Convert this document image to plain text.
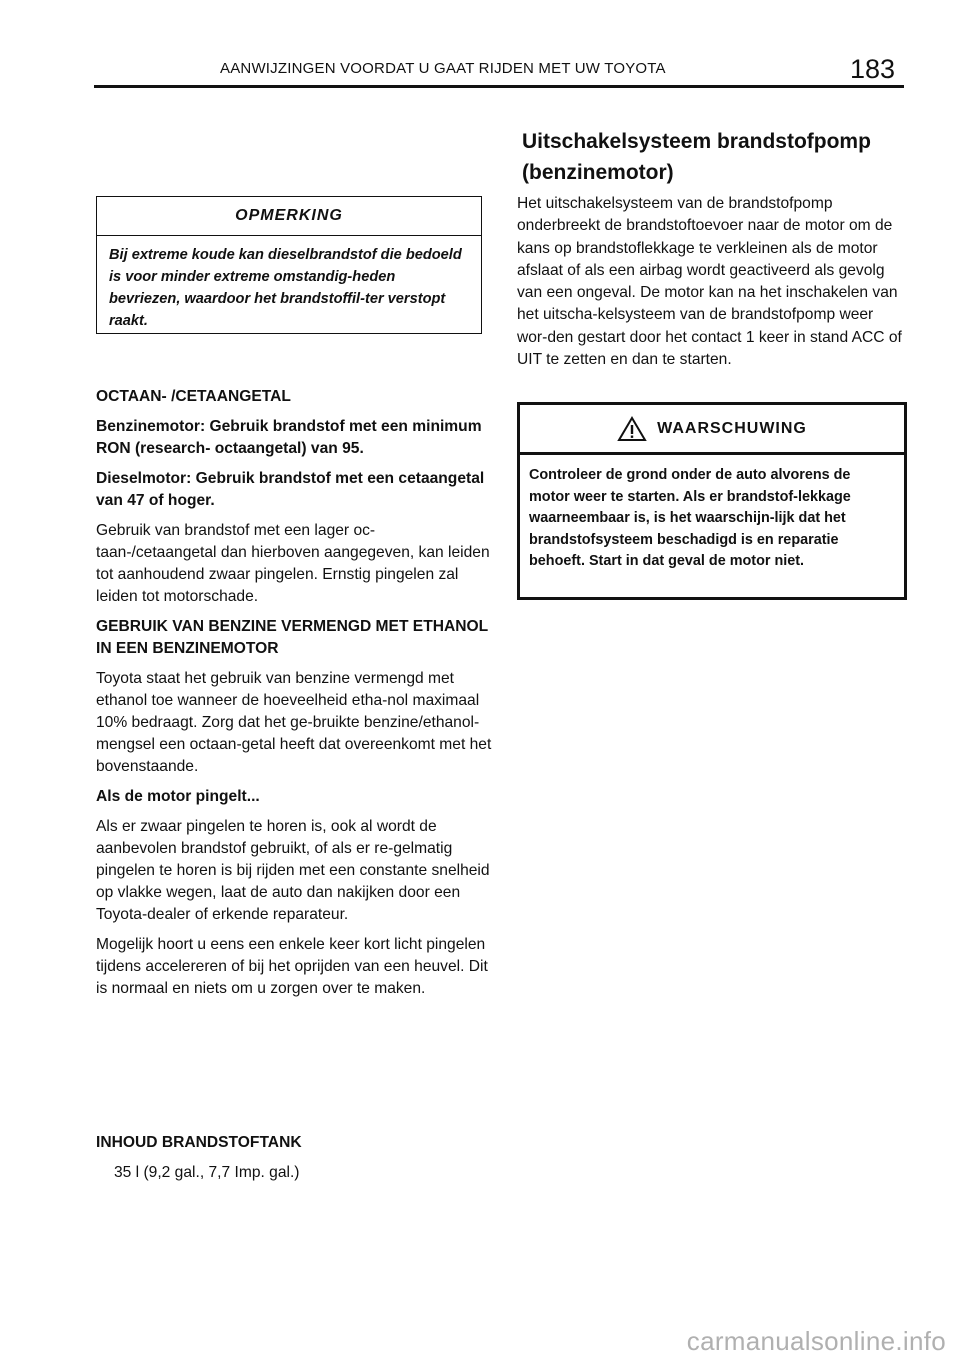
AANWIJZINGEN VOORDAT U GAAT RIJDEN MET UW TOYOTA	183
OPMERKING
Bij extreme koude kan dieselbrandstof die bedoeld is voor minder extreme omstandig-heden bevriezen, waardoor het brandstoffil-ter verstopt raakt.
OCTAAN- /CETAANGETAL
Benzinemotor: Gebruik brandstof met een minimum RON (research- octaangetal) van 95.
Dieselmotor: Gebruik brandstof met een cetaangetal van 47 of hoger.
Gebruik van brandstof met een lager oc-taan-/cetaangetal dan hierboven aangegeven, kan leiden tot aanhoudend zwaar pingelen. Ernstig pingelen zal leiden tot motorschade.
GEBRUIK VAN BENZINE VERMENGD MET ETHANOL IN EEN BENZINEMOTOR
Toyota staat het gebruik van benzine vermengd met ethanol toe wanneer de hoeveelheid etha-nol maximaal 10% bedraagt. Zorg dat het ge-bruikte benzine/ethanol-mengsel een octaan-getal heeft dat overeenkomt met het bovenstaande.
Als de motor pingelt...
Als er zwaar pingelen te horen is, ook al wordt de aanbevolen brandstof gebruikt, of als er re-gelmatig pingelen te horen is bij rijden met een constante snelheid op vlakke wegen, laat de auto dan nakijken door een Toyota-dealer of erkende reparateur.
Mogelijk hoort u eens een enkele keer kort licht pingelen tijdens accelereren of bij het oprijden van een heuvel. Dit is normaal en niets om u zorgen over te maken.
INHOUD BRANDSTOFTANK
35 l (9,2 gal., 7,7 Imp. gal.)
Uitschakelsysteem brandstofpomp (benzinemotor)
Het uitschakelsysteem van de brandstofpomp onderbreekt de brandstoftoevoer naar de motor om de kans op brandstoflekkage te verkleinen als de motor afslaat of als een airbag wordt geactiveerd als gevolg van een ongeval. De motor kan na het inschakelen van het uitscha-kelsysteem van de brandstofpomp weer wor-den gestart door het contact 1 keer in stand ACC of UIT te zetten en dan te starten.
WAARSCHUWING
Controleer de grond onder de auto alvorens de motor weer te starten. Als er brandstof-lekkage waarneembaar is, is het waarschijn-lijk dat het brandstofsysteem beschadigd is en reparatie behoeft. Start in dat geval de motor niet.
carmanualsonline.info
